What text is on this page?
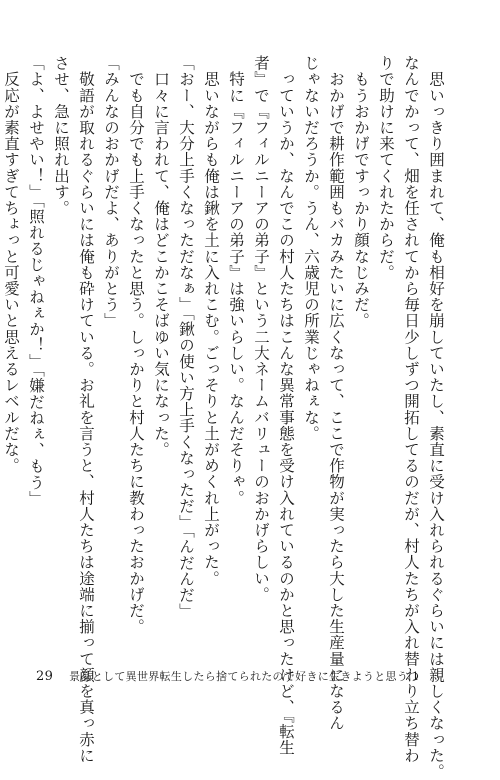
　思いっきり囲まれて、俺も相好を崩していたし、素直に受け入れられるぐらいには親しくなった。
なんでかって、畑を任されてから毎日少しずつ開拓してるのだが、村人たちが入れ替わり立ち替わ
りで助けに来てくれたからだ。
　もうおかげですっかり顔なじみだ。
　おかげで耕作範囲もバカみたいに広くなって、ここで作物が実ったら大した生産量になるん
じゃないだろうか。うん、六歳児の所業じゃねぇな。
　っていうか、なんでこの村人たちはこんな異常事態を受け入れているのかと思ったけど、『転生
者』で『フィルニーアの弟子』という二大ネームバリューのおかげらしい。
　特に『フィルニーアの弟子』は強いらしい。なんだそりゃ。
　思いながらも俺は鍬を土に入れこむ。ごっそりと土がめくれ上がった。
「おー、大分上手くなっただなぁ」「鍬の使い方上手くなっただ」「んだんだ」
　口々に言われて、俺はどこかこそばゆい気になった。
　でも自分でも上手くなったと思う。しっかりと村人たちに教わったおかげだ。
「みんなのおかげだよ、ありがとう」
　敬語が取れるぐらいには俺も砕けている。お礼を言うと、村人たちは途端に揃って顔を真っ赤に
させ、急に照れ出す。
「よ、よせやい！」「照れるじゃねぇか！」「嫌だねぇ、もう」
　反応が素直すぎてちょっと可愛いと思えるレベルだな。
29 景品として異世界転生したら捨てられたので好きに生きようと思う 1
